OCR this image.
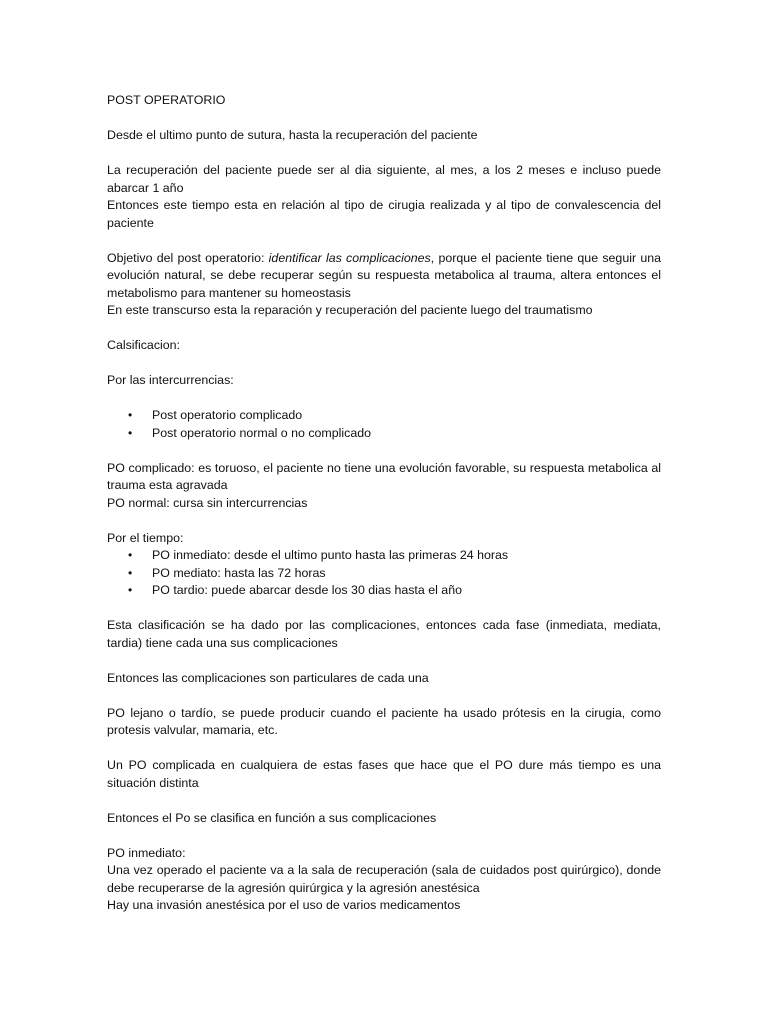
POST OPERATORIO

Desde el ultimo punto de sutura, hasta la recuperación del paciente

La recuperación del paciente puede ser al dia siguiente, al mes, a los 2 meses e incluso puede abarcar 1 año
Entonces este tiempo esta en relación al tipo de cirugia realizada y al tipo de convalescencia del paciente

Objetivo del post operatorio: identificar las complicaciones, porque el paciente tiene que seguir una evolución natural, se debe recuperar según su respuesta metabolica al trauma, altera entonces el metabolismo para mantener su homeostasis
En este transcurso esta la reparación y recuperación del paciente luego del traumatismo

Calsificacion:

Por las intercurrencias:

• Post operatorio complicado
• Post operatorio normal o no complicado

PO complicado: es toruoso, el paciente no tiene una evolución favorable, su respuesta metabolica al trauma esta agravada
PO normal: cursa sin intercurrencias

Por el tiempo:

• PO inmediato: desde el ultimo punto hasta las primeras 24 horas
• PO mediato: hasta las 72 horas
• PO tardio: puede abarcar desde los 30 dias hasta el año

Esta clasificación se ha dado por las complicaciones, entonces cada fase (inmediata, mediata, tardia) tiene cada una sus complicaciones

Entonces las complicaciones son particulares de cada una

PO lejano o tardío, se puede producir cuando el paciente ha usado prótesis en la cirugia, como protesis valvular, mamaria, etc.

Un PO complicada en cualquiera de estas fases que hace que el PO dure más tiempo es una situación distinta

Entonces el Po se clasifica en función a sus complicaciones

PO inmediato:
Una vez operado el paciente va a la sala de recuperación (sala de cuidados post quirúrgico), donde debe recuperarse de la agresión quirúrgica y la agresión anestésica
Hay una invasión anestésica por el uso de varios medicamentos
